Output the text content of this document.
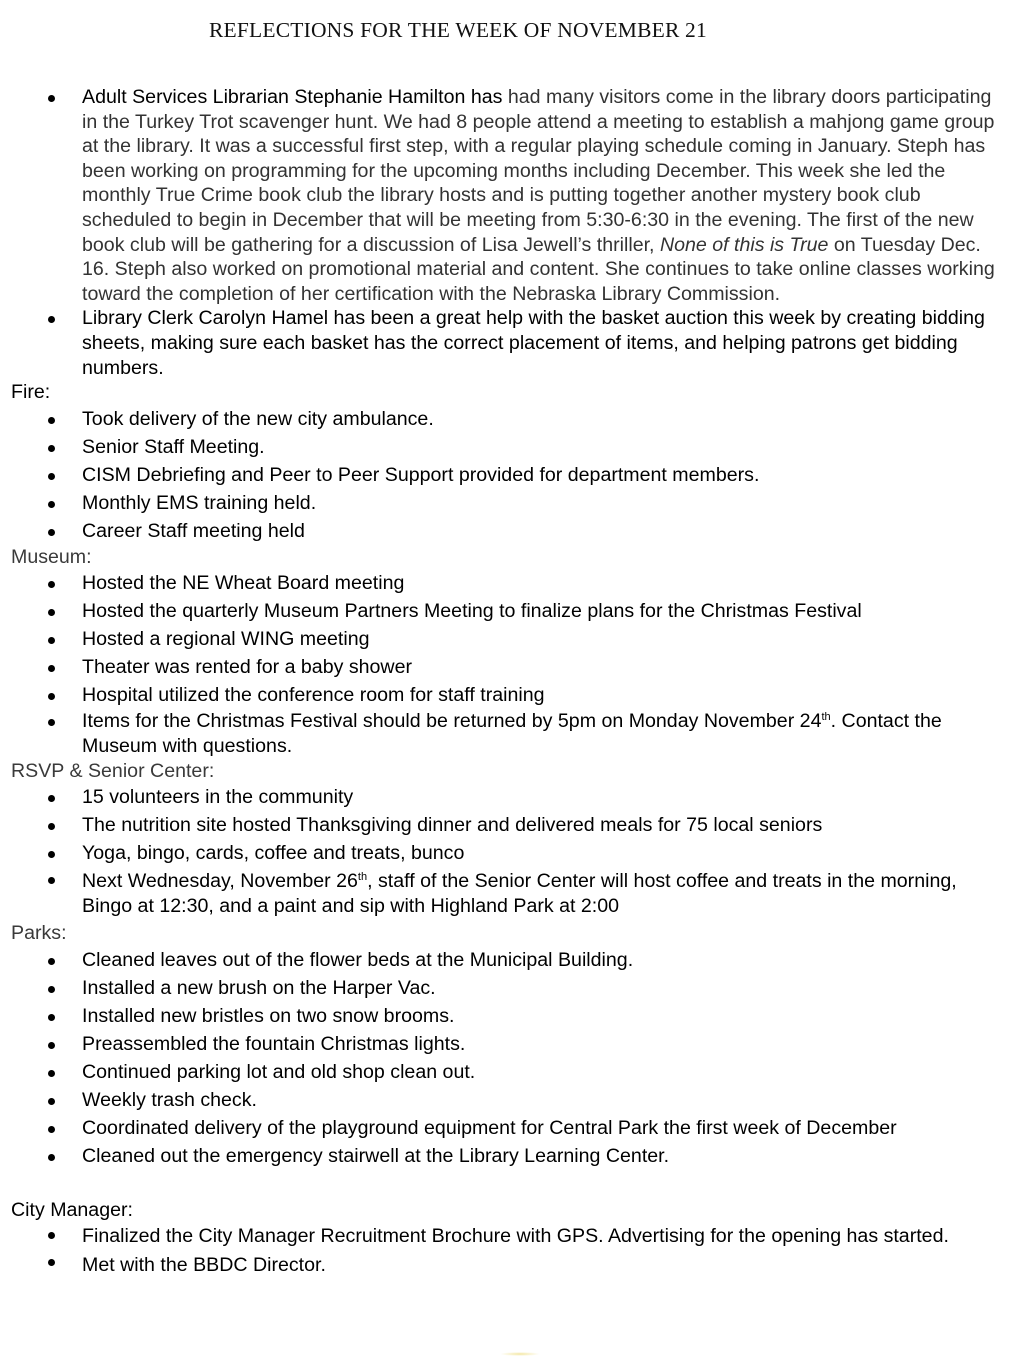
REFLECTIONS FOR THE WEEK OF NOVEMBER 21
Adult Services Librarian Stephanie Hamilton has had many visitors come in the library doors participating in the Turkey Trot scavenger hunt. We had 8 people attend a meeting to establish a mahjong game group at the library. It was a successful first step, with a regular playing schedule coming in January. Steph has been working on programming for the upcoming months including December. This week she led the monthly True Crime book club the library hosts and is putting together another mystery book club scheduled to begin in December that will be meeting from 5:30-6:30 in the evening. The first of the new book club will be gathering for a discussion of Lisa Jewell’s thriller, None of this is True on Tuesday Dec. 16. Steph also worked on promotional material and content. She continues to take online classes working toward the completion of her certification with the Nebraska Library Commission.
Library Clerk Carolyn Hamel has been a great help with the basket auction this week by creating bidding sheets, making sure each basket has the correct placement of items, and helping patrons get bidding numbers.
Fire:
Took delivery of the new city ambulance.
Senior Staff Meeting.
CISM Debriefing and Peer to Peer Support provided for department members.
Monthly EMS training held.
Career Staff meeting held
Museum:
Hosted the NE Wheat Board meeting
Hosted the quarterly Museum Partners Meeting to finalize plans for the Christmas Festival
Hosted a regional WING meeting
Theater was rented for a baby shower
Hospital utilized the conference room for staff training
Items for the Christmas Festival should be returned by 5pm on Monday November 24th. Contact the Museum with questions.
RSVP & Senior Center:
15 volunteers in the community
The nutrition site hosted Thanksgiving dinner and delivered meals for 75 local seniors
Yoga, bingo, cards, coffee and treats, bunco
Next Wednesday, November 26th, staff of the Senior Center will host coffee and treats in the morning, Bingo at 12:30, and a paint and sip with Highland Park at 2:00
Parks:
Cleaned leaves out of the flower beds at the Municipal Building.
Installed a new brush on the Harper Vac.
Installed new bristles on two snow brooms.
Preassembled the fountain Christmas lights.
Continued parking lot and old shop clean out.
Weekly trash check.
Coordinated delivery of the playground equipment for Central Park the first week of December
Cleaned out the emergency stairwell at the Library Learning Center.
City Manager:
Finalized the City Manager Recruitment Brochure with GPS. Advertising for the opening has started.
Met with the BBDC Director.
